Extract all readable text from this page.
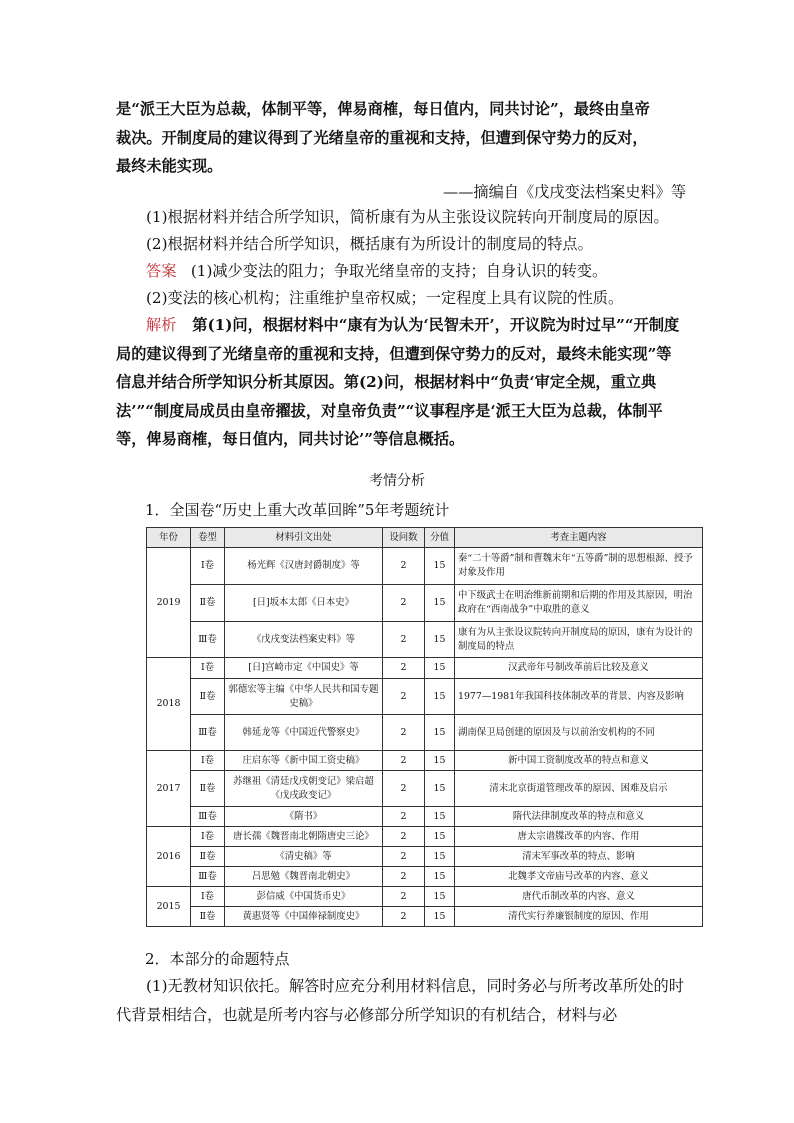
是“派王大臣为总裁，体制平等，俾易商榷，每日值内，同共讨论”，最终由皇帝
裁决。开制度局的建议得到了光绪皇帝的重视和支持，但遭到保守势力的反对，
最终未能实现。

——摘编自《戊戌变法档案史料》等

(1)根据材料并结合所学知识，简析康有为从主张设议院转向开制度局的原因。

(2)根据材料并结合所学知识，概括康有为所设计的制度局的特点。

答案 (1)减少变法的阻力；争取光绪皇帝的支持；自身认识的转变。

(2)变法的核心机构；注重维护皇帝权威；一定程度上具有议院的性质。

解析 第(1)问，根据材料中“康有为认为‘民智未开’，开议院为时过早”“开制度局的建议得到了光绪皇帝的重视和支持，但遭到保守势力的反对，最终未能实现”等信息并结合所学知识分析其原因。第(2)问，根据材料中“负责‘审定全规，重立典法’”“制度局成员由皇帝擢拔，对皇帝负责”“议事程序是‘派王大臣为总裁，体制平等，俾易商榷，每日值内，同共讨论’”等信息概括。

考情分析
1．全国卷“历史上重大改革回眸”5年考题统计
年份	卷型	材料引文出处	设问数	分值	考查主题内容
2019	Ⅰ卷	杨光辉《汉唐封爵制度》等	2	15	秦“二十等爵”制和曹魏末年“五等爵”制的思想根源、授予对象及作用
	Ⅱ卷	[日]坂本太郎《日本史》	2	15	中下级武士在明治维新前期和后期的作用及其原因，明治政府在“西南战争”中取胜的意义
	Ⅲ卷	《戊戌变法档案史料》等	2	15	康有为从主张设议院转向开制度局的原因，康有为设计的制度局的特点
2018	Ⅰ卷	[日]宫崎市定《中国史》等	2	15	汉武帝年号制改革前后比较及意义
	Ⅱ卷	郭德宏等主编《中华人民共和国专题史稿》	2	15	1977—1981年我国科技体制改革的背景、内容及影响
	Ⅲ卷	韩延龙等《中国近代警察史》	2	15	湖南保卫局创建的原因及与以前治安机构的不同
2017	Ⅰ卷	庄启东等《新中国工资史稿》	2	15	新中国工资制度改革的特点和意义
	Ⅱ卷	苏继祖《清廷戊戌朝变记》梁启超《戊戌政变记》	2	15	清末北京街道管理改革的原因、困难及启示
	Ⅲ卷	《隋书》	2	15	隋代法律制度改革的特点和意义
2016	Ⅰ卷	唐长孺《魏晋南北朝隋唐史三论》	2	15	唐太宗谱牒改革的内容、作用
	Ⅱ卷	《清史稿》等	2	15	清末军事改革的特点、影响
	Ⅲ卷	吕思勉《魏晋南北朝史》	2	15	北魏孝文帝庙号改革的内容、意义
2015	Ⅰ卷	彭信威《中国货币史》	2	15	唐代币制改革的内容、意义
	Ⅱ卷	黄惠贤等《中国俸禄制度史》	2	15	清代实行养廉银制度的原因、作用
2．本部分的命题特点

(1)无教材知识依托。解答时应充分利用材料信息，同时务必与所考改革所处的时代背景相结合，也就是所考内容与必修部分所学知识的有机结合，材料与必
